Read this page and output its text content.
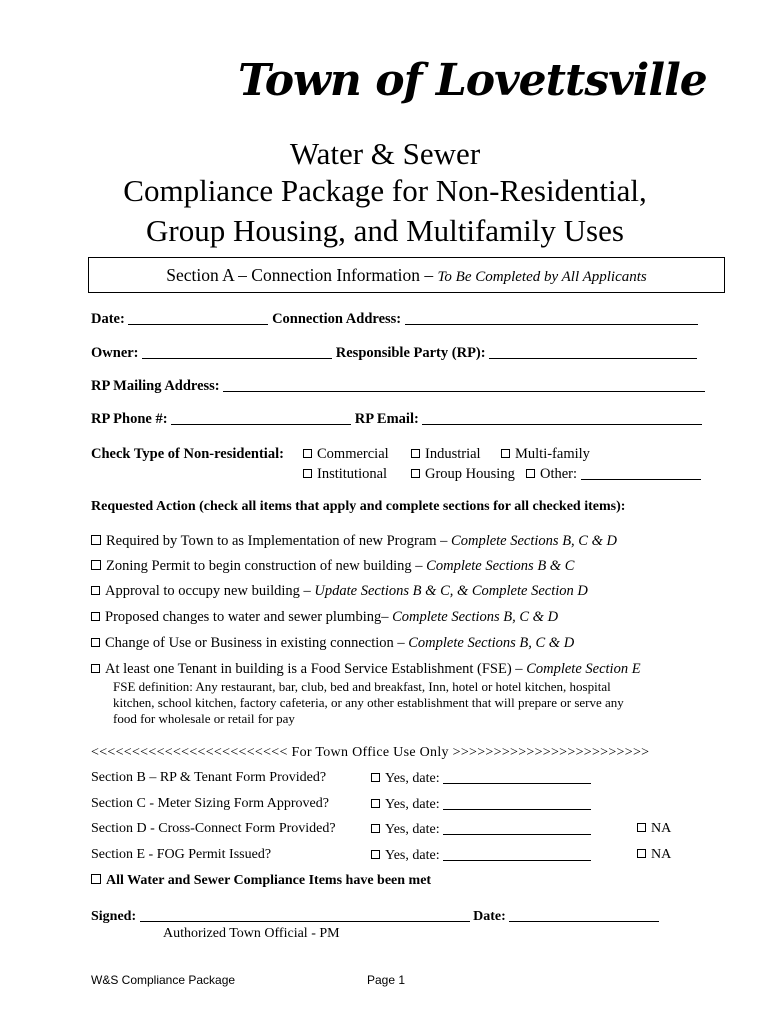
Town of Lovettsville
Water & Sewer
Compliance Package for Non-Residential,
Group Housing, and Multifamily Uses
Section A – Connection Information – To Be Completed by All Applicants
Date:	Connection Address:
Owner:	Responsible Party (RP):
RP Mailing Address:
RP Phone #:	RP Email:
Check Type of Non-residential:	Commercial	Industrial	Multi-family
Institutional	Group Housing	Other:
Requested Action (check all items that apply and complete sections for all checked items):
Required by Town to as Implementation of new Program – Complete Sections B, C & D
Zoning Permit to begin construction of new building – Complete Sections B & C
Approval to occupy new building – Update Sections B & C, & Complete Section D
Proposed changes to water and sewer plumbing– Complete Sections B, C & D
Change of Use or Business in existing connection – Complete Sections B, C & D
At least one Tenant in building is a Food Service Establishment (FSE) – Complete Section E
FSE definition: Any restaurant, bar, club, bed and breakfast, Inn, hotel or hotel kitchen, hospital
kitchen, school kitchen, factory cafeteria, or any other establishment that will prepare or serve any
food for wholesale or retail for pay
<<<<<<<<<<<<<<<<<<<<<<<< For Town Office Use Only >>>>>>>>>>>>>>>>>>>>>>>>
Section B – RP & Tenant Form Provided?	Yes, date:
Section C - Meter Sizing Form Approved?	Yes, date:
Section D - Cross-Connect Form Provided?	Yes, date:	NA
Section E - FOG Permit Issued?	Yes, date:	NA
All Water and Sewer Compliance Items have been met
Signed:	Date:
Authorized Town Official - PM
W&S Compliance Package	Page 1
